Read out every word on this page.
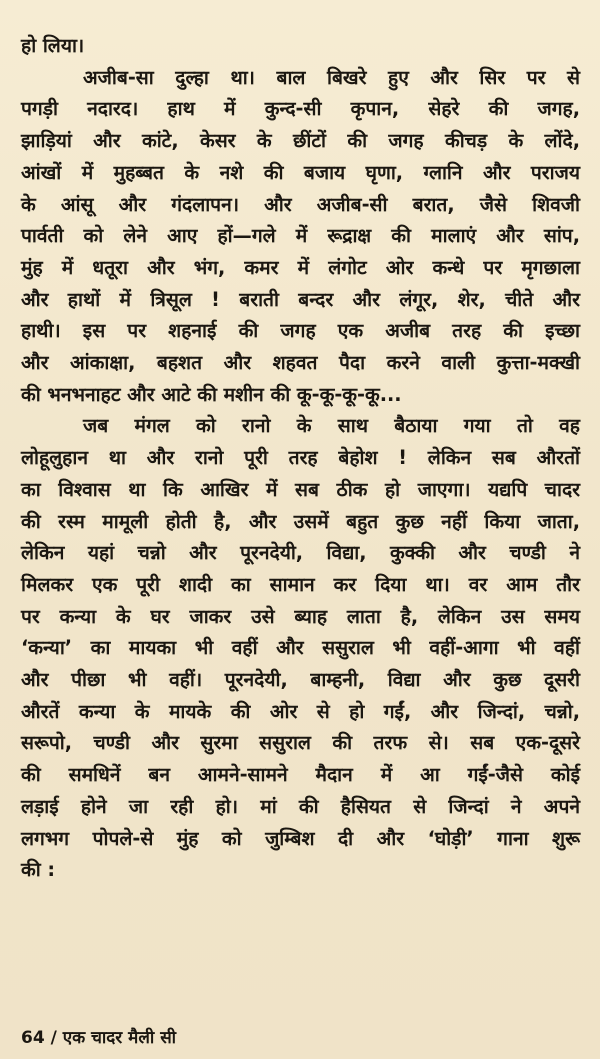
हो लिया।
अजीब-सा दुल्हा था। बाल बिखरे हुए और सिर पर से
पगड़ी नदारद। हाथ में कुन्द-सी कृपान, सेहरे की जगह,
झाड़ियां और कांटे, केसर के छींटों की जगह कीचड़ के लोंदे,
आंखों में मुहब्बत के नशे की बजाय घृणा, ग्लानि और पराजय
के आंसू और गंदलापन। और अजीब-सी बरात, जैसे शिवजी
पार्वती को लेने आए हों—गले में रूद्राक्ष की मालाएं और सांप,
मुंह में धतूरा और भंग, कमर में लंगोट ओर कन्धे पर मृगछाला
और हाथों में त्रिसूल ! बराती बन्दर और लंगूर, शेर, चीते और
हाथी। इस पर शहनाई की जगह एक अजीब तरह की इच्छा
और आंकाक्षा, बहशत और शहवत पैदा करने वाली कुत्ता-मक्खी
की भनभनाहट और आटे की मशीन की कू-कू-कू-कू...
जब मंगल को रानो के साथ बैठाया गया तो वह
लोहूलुहान था और रानो पूरी तरह बेहोश ! लेकिन सब औरतों
का विश्वास था कि आखिर में सब ठीक हो जाएगा। यद्यपि चादर
की रस्म मामूली होती है, और उसमें बहुत कुछ नहीं किया जाता,
लेकिन यहां चन्नो और पूरनदेयी, विद्या, कुक्की और चण्डी ने
मिलकर एक पूरी शादी का सामान कर दिया था। वर आम तौर
पर कन्या के घर जाकर उसे ब्याह लाता है, लेकिन उस समय
‘कन्या’ का मायका भी वहीं और ससुराल भी वहीं-आगा भी वहीं
और पीछा भी वहीं। पूरनदेयी, बाम्हनी, विद्या और कुछ दूसरी
औरतें कन्या के मायके की ओर से हो गईं, और जिन्दां, चन्नो,
सरूपो, चण्डी और सुरमा ससुराल की तरफ से। सब एक-दूसरे
की समधिनें बन आमने-सामने मैदान में आ गईं-जैसे कोई
लड़ाई होने जा रही हो। मां की हैसियत से जिन्दां ने अपने
लगभग पोपले-से मुंह को जुम्बिश दी और ‘घोड़ी’ गाना शुरू
की :
64 / एक चादर मैली सी
